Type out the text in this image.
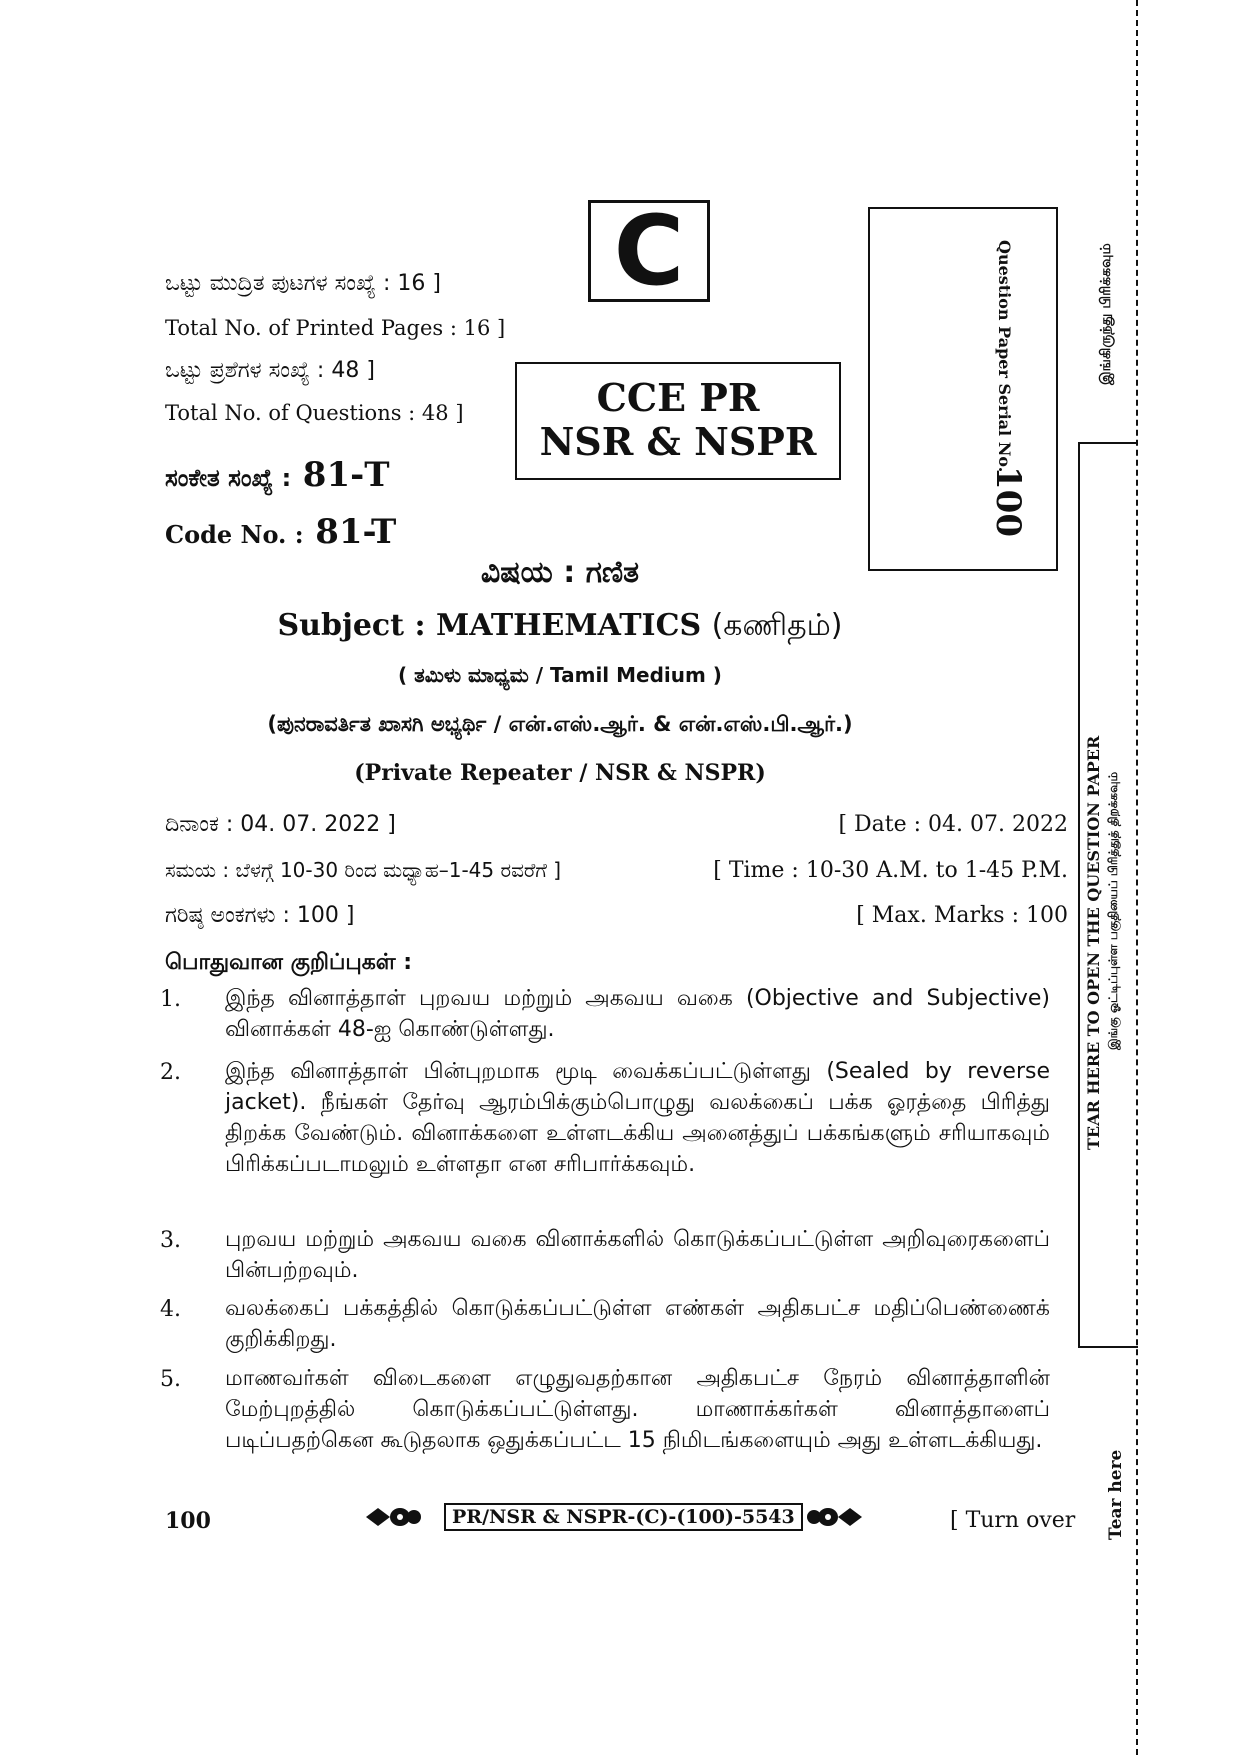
C
ಒಟ್ಟು ಮುದ್ರಿತ ಪುಟಗಳ ಸಂಖ್ಯೆ : 16 ]
Total No. of Printed Pages : 16 ]
ಒಟ್ಟು ಪ್ರಶೆಗಳ ಸಂಖ್ಯೆ : 48 ]
Total No. of Questions : 48 ]
ಸಂಕೇತ ಸಂಖ್ಯೆ : 81-T
Code No. : 81-T
CCE PR
NSR & NSPR	Question Paper Serial No.
100
ವಿಷಯ : ಗಣಿತ
Subject : MATHEMATICS (கணிதம்)
( ತಮಿಳು ಮಾಧ್ಯಮ / Tamil Medium )
(ಪುನರಾವರ್ತಿತ ಖಾಸಗಿ ಅಭ್ಯರ್ಥಿ / என்.எஸ்.ஆர். & என்.எஸ்.பி.ஆர்.)
(Private Repeater / NSR & NSPR)
ದಿನಾಂಕ : 04. 07. 2022 ]	[ Date : 04. 07. 2022
ಸಮಯ : ಬೆಳಗ್ಗೆ 10-30 ರಿಂದ ಮಧ್ಯಾಹ–1-45 ರವರೆಗೆ ]	[ Time : 10-30 A.M. to 1-45 P.M.
ಗರಿಷ್ಠ ಅಂಕಗಳು : 100 ]	[ Max. Marks : 100
பொதுவான குறிப்புகள் :
1. இந்த வினாத்தாள் புறவய மற்றும் அகவய வகை (Objective and Subjective) வினாக்கள் 48-ஐ கொண்டுள்ளது.
2. இந்த வினாத்தாள் பின்புறமாக மூடி வைக்கப்பட்டுள்ளது (Sealed by reverse jacket). நீங்கள் தேர்வு ஆரம்பிக்கும்பொழுது வலக்கைப் பக்க ஓரத்தை பிரித்து திறக்க வேண்டும். வினாக்களை உள்ளடக்கிய அனைத்துப் பக்கங்களும் சரியாகவும் பிரிக்கப்படாமலும் உள்ளதா என சரிபார்க்கவும்.
3. புறவய மற்றும் அகவய வகை வினாக்களில் கொடுக்கப்பட்டுள்ள அறிவுரைகளைப் பின்பற்றவும்.
4. வலக்கைப் பக்கத்தில் கொடுக்கப்பட்டுள்ள எண்கள் அதிகபட்ச மதிப்பெண்ணைக் குறிக்கிறது.
5. மாணவர்கள் விடைகளை எழுதுவதற்கான அதிகபட்ச நேரம் வினாத்தாளின் மேற்புறத்தில் கொடுக்கப்பட்டுள்ளது. மாணாக்கர்கள் வினாத்தாளைப் படிப்பதற்கென கூடுதலாக ஒதுக்கப்பட்ட 15 நிமிடங்களையும் அது உள்ளடக்கியது.
100	PR/NSR & NSPR-(C)-(100)-5543	[ Turn over
இங்கிருந்து பிரிக்கவும்
TEAR HERE TO OPEN THE QUESTION PAPER இங்கு ஓட்டிப்புள்ள பகுதியைப் பிரித்துத் திறக்கவும்
Tear here
